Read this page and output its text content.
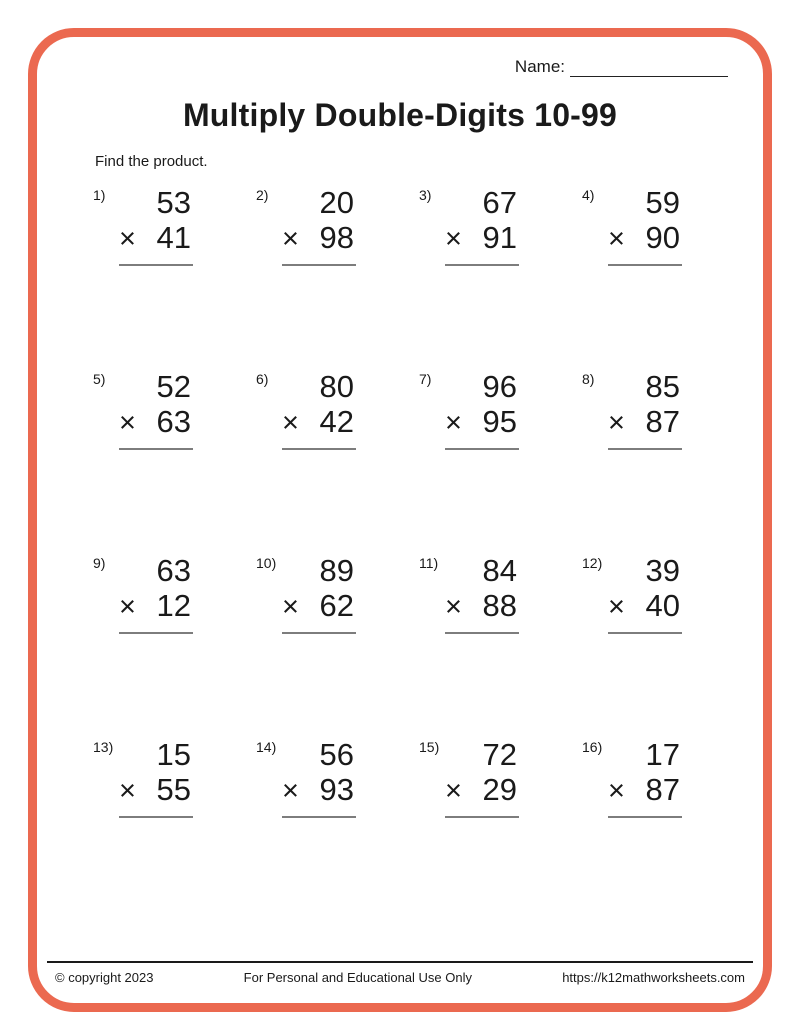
Name:
Multiply Double-Digits 10-99
Find the product.
1)	53
× 41
2)	20
× 98
3)	67
× 91
4)	59
× 90
5)	52
× 63
6)	80
× 42
7)	96
× 95
8)	85
× 87
9)	63
× 12
10)	89
× 62
11)	84
× 88
12)	39
× 40
13)	15
× 55
14)	56
× 93
15)	72
× 29
16)	17
× 87
© copyright 2023	For Personal and Educational Use Only	https://k12mathworksheets.com
